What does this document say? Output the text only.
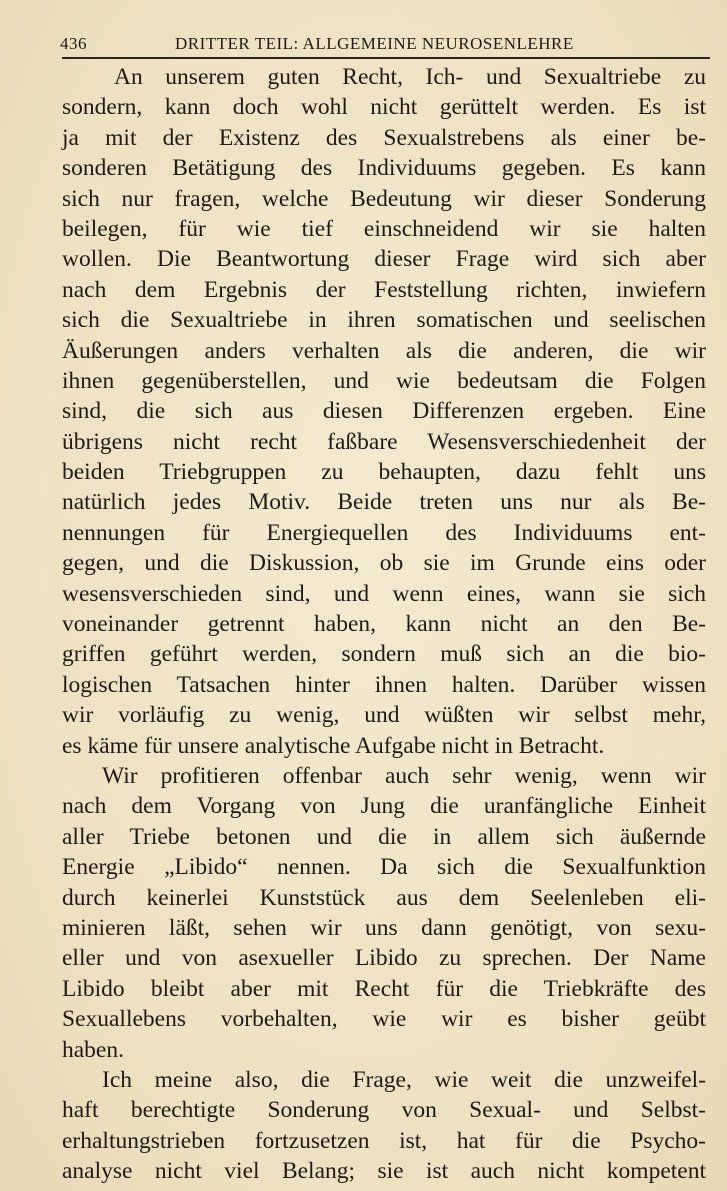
436	DRITTER TEIL: ALLGEMEINE NEUROSENLEHRE
An unserem guten Recht, Ich- und Sexualtriebe zu
sondern, kann doch wohl nicht gerüttelt werden. Es ist
ja mit der Existenz des Sexualstrebens als einer be-
sonderen Betätigung des Individuums gegeben. Es kann
sich nur fragen, welche Bedeutung wir dieser Sonderung
beilegen, für wie tief einschneidend wir sie halten
wollen. Die Beantwortung dieser Frage wird sich aber
nach dem Ergebnis der Feststellung richten, inwiefern
sich die Sexualtriebe in ihren somatischen und seelischen
Äußerungen anders verhalten als die anderen, die wir
ihnen gegenüberstellen, und wie bedeutsam die Folgen
sind, die sich aus diesen Differenzen ergeben. Eine
übrigens nicht recht faßbare Wesensverschiedenheit der
beiden Triebgruppen zu behaupten, dazu fehlt uns
natürlich jedes Motiv. Beide treten uns nur als Be-
nennungen für Energiequellen des Individuums ent-
gegen, und die Diskussion, ob sie im Grunde eins oder
wesensverschieden sind, und wenn eines, wann sie sich
voneinander getrennt haben, kann nicht an den Be-
griffen geführt werden, sondern muß sich an die bio-
logischen Tatsachen hinter ihnen halten. Darüber wissen
wir vorläufig zu wenig, und wüßten wir selbst mehr,
es käme für unsere analytische Aufgabe nicht in Betracht.
Wir profitieren offenbar auch sehr wenig, wenn wir
nach dem Vorgang von Jung die uranfängliche Einheit
aller Triebe betonen und die in allem sich äußernde
Energie „Libido“ nennen. Da sich die Sexualfunktion
durch keinerlei Kunststück aus dem Seelenleben eli-
minieren läßt, sehen wir uns dann genötigt, von sexu-
eller und von asexueller Libido zu sprechen. Der Name
Libido bleibt aber mit Recht für die Triebkräfte des
Sexuallebens vorbehalten, wie wir es bisher geübt
haben.
Ich meine also, die Frage, wie weit die unzweifel-
haft berechtigte Sonderung von Sexual- und Selbst-
erhaltungstrieben fortzusetzen ist, hat für die Psycho-
analyse nicht viel Belang; sie ist auch nicht kompetent
